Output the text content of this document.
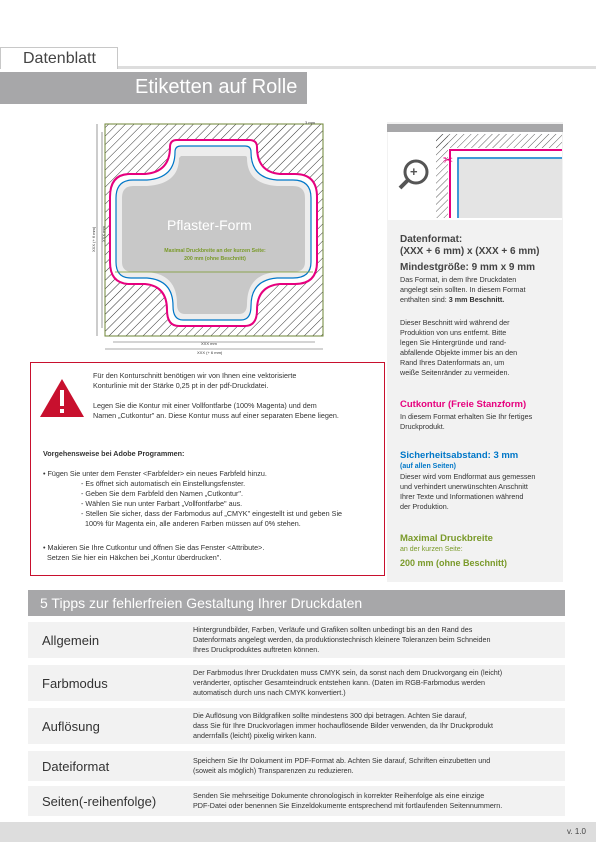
Datenblatt
Etiketten auf Rolle
Pflaster-Form
Maximal Druckbreite an der kurzen Seite:
200 mm (ohne Beschnitt)
3 mm
XXX (+ 6 mm) XXX mm
XXX mm
XXX (+ 6 mm)
+
✂
Datenformat:
(XXX + 6 mm) x (XXX + 6 mm)
Mindestgröße: 9 mm x 9 mm
Das Format, in dem Ihre Druckdaten
angelegt sein sollten. In diesem Format
enthalten sind: 3 mm Beschnitt.
Dieser Beschnitt wird während der
Produktion von uns entfernt. Bitte
legen Sie Hintergründe und rand-
abfallende Objekte immer bis an den
Rand Ihres Datenformats an, um
weiße Seitenränder zu vermeiden.
Cutkontur (Freie Stanzform)
In diesem Format erhalten Sie Ihr fertiges
Druckprodukt.
Sicherheitsabstand: 3 mm
(auf allen Seiten)
Dieser wird vom Endformat aus gemessen
und verhindert unerwünschten Anschnitt
Ihrer Texte und Informationen während
der Produktion.
Maximal Druckbreite
an der kurzen Seite:
200 mm (ohne Beschnitt)
Für den Konturschnitt benötigen wir von Ihnen eine vektorisierte
Konturlinie mit der Stärke 0,25 pt in der pdf-Druckdatei.
Legen Sie die Kontur mit einer Vollfontfarbe (100% Magenta) und dem
Namen „Cutkontur" an. Diese Kontur muss auf einer separaten Ebene liegen.
Vorgehensweise bei Adobe Programmen:
• Fügen Sie unter dem Fenster <Farbfelder> ein neues Farbfeld hinzu.
- Es öffnet sich automatisch ein Einstellungsfenster.
- Geben Sie dem Farbfeld den Namen „Cutkontur".
- Wählen Sie nun unter Farbart „Vollfontfarbe" aus.
- Stellen Sie sicher, dass der Farbmodus auf „CMYK" eingestellt ist und geben Sie
100% für Magenta ein, alle anderen Farben müssen auf 0% stehen.
• Makieren Sie Ihre Cutkontur und öffnen Sie das Fenster <Attribute>.
Setzen Sie hier ein Häkchen bei „Kontur überdrucken".
5 Tipps zur fehlerfreien Gestaltung Ihrer Druckdaten
Allgemein
Hintergrundbilder, Farben, Verläufe und Grafiken sollten unbedingt bis an den Rand des
Datenformats angelegt werden, da produktionstechnisch kleinere Toleranzen beim Schneiden
Ihres Druckproduktes auftreten können.
Farbmodus
Der Farbmodus Ihrer Druckdaten muss CMYK sein, da sonst nach dem Druckvorgang ein (leicht)
veränderter, optischer Gesamteindruck entstehen kann. (Daten im RGB-Farbmodus werden
automatisch durch uns nach CMYK konvertiert.)
Auflösung
Die Auflösung von Bildgrafiken sollte mindestens 300 dpi betragen. Achten Sie darauf,
dass Sie für Ihre Druckvorlagen immer hochauflösende Bilder verwenden, da Ihr Druckprodukt
andernfalls (leicht) pixelig wirken kann.
Dateiformat	Speichern Sie Ihr Dokument im PDF-Format ab. Achten Sie darauf, Schriften einzubetten und
(soweit als möglich) Transparenzen zu reduzieren.
Seiten(-reihenfolge)	Senden Sie mehrseitige Dokumente chronologisch in korrekter Reihenfolge als eine einzige
PDF-Datei oder benennen Sie Einzeldokumente entsprechend mit fortlaufenden Seitennummern.
v. 1.0
